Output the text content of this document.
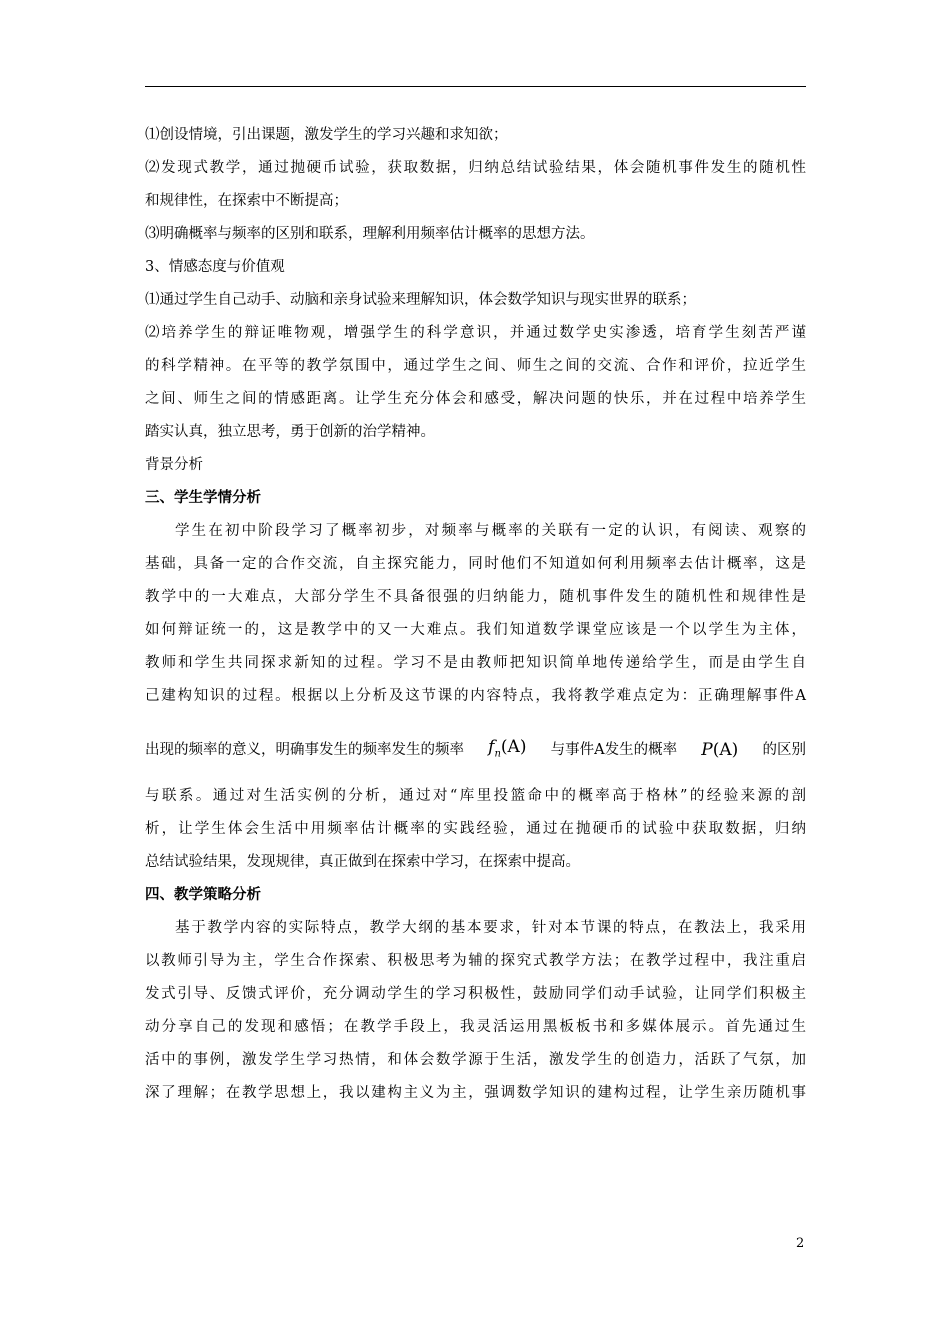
⑴创设情境，引出课题，激发学生的学习兴趣和求知欲；
⑵发现式教学，通过抛硬币试验，获取数据，归纳总结试验结果，体会随机事件发生的随机性
和规律性，在探索中不断提高；
⑶明确概率与频率的区别和联系，理解利用频率估计概率的思想方法。
3、情感态度与价值观
⑴通过学生自己动手、动脑和亲身试验来理解知识，体会数学知识与现实世界的联系；
⑵培养学生的辩证唯物观，增强学生的科学意识，并通过数学史实渗透，培育学生刻苦严谨
的科学精神。在平等的教学氛围中，通过学生之间、师生之间的交流、合作和评价，拉近学生
之间、师生之间的情感距离。让学生充分体会和感受，解决问题的快乐，并在过程中培养学生
踏实认真，独立思考，勇于创新的治学精神。
背景分析
三、学生学情分析
学生在初中阶段学习了概率初步，对频率与概率的关联有一定的认识，有阅读、观察的
基础，具备一定的合作交流，自主探究能力，同时他们不知道如何利用频率去估计概率，这是
教学中的一大难点，大部分学生不具备很强的归纳能力，随机事件发生的随机性和规律性是
如何辩证统一的，这是教学中的又一大难点。我们知道数学课堂应该是一个以学生为主体，
教师和学生共同探求新知的过程。学习不是由教师把知识简单地传递给学生，而是由学生自
己建构知识的过程。根据以上分析及这节课的内容特点，我将教学难点定为：正确理解事件A
出现的频率的意义，明确事发生的频率发生的频率 $f_n(A)$ 与事件A发生的概率 P(A) 的区别
与联系。通过对生活实例的分析，通过对“库里投篮命中的概率高于格林”的经验来源的剖
析，让学生体会生活中用频率估计概率的实践经验，通过在抛硬币的试验中获取数据，归纳
总结试验结果，发现规律，真正做到在探索中学习，在探索中提高。
四、教学策略分析
基于教学内容的实际特点，教学大纲的基本要求，针对本节课的特点，在教法上，我采用
以教师引导为主，学生合作探索、积极思考为辅的探究式教学方法；在教学过程中，我注重启
发式引导、反馈式评价，充分调动学生的学习积极性，鼓励同学们动手试验，让同学们积极主
动分享自己的发现和感悟；在教学手段上，我灵活运用黑板板书和多媒体展示。首先通过生
活中的事例，激发学生学习热情，和体会数学源于生活，激发学生的创造力，活跃了气氛，加
深了理解；在教学思想上，我以建构主义为主，强调数学知识的建构过程，让学生亲历随机事
2
